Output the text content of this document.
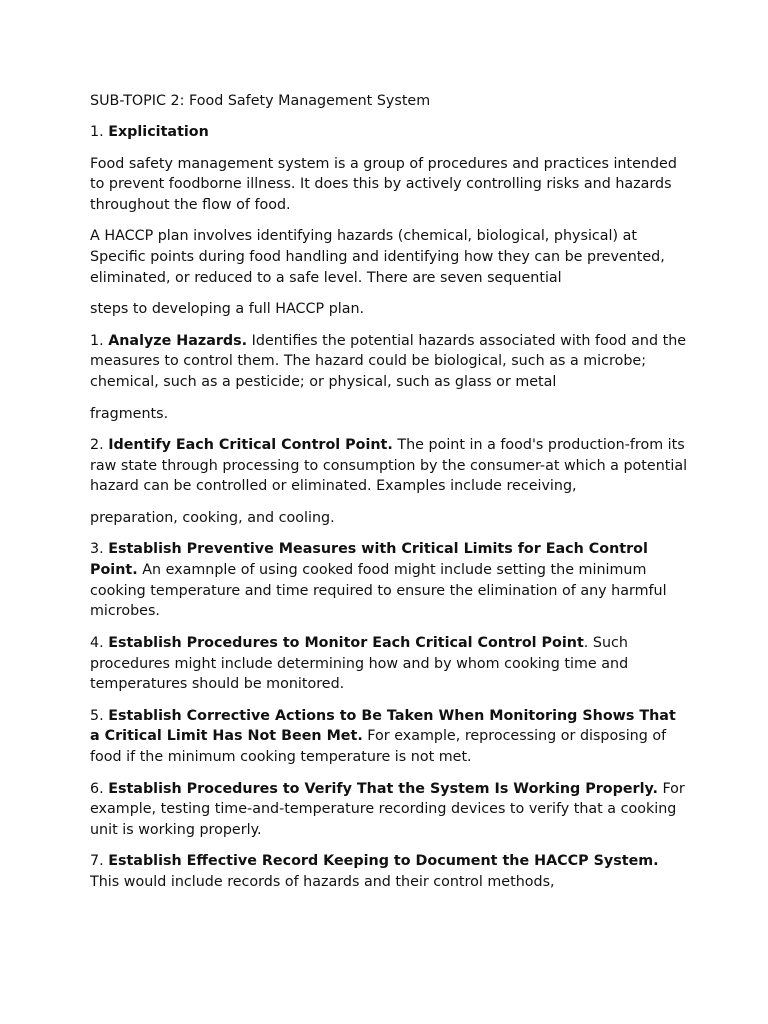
SUB-TOPIC 2: Food Safety Management System

1. Explicitation

Food safety management system is a group of procedures and practices intended to prevent foodborne illness. It does this by actively controlling risks and hazards throughout the flow of food.

A HACCP plan involves identifying hazards (chemical, biological, physical) at Specific points during food handling and identifying how they can be prevented, eliminated, or reduced to a safe level. There are seven sequential

steps to developing a full HACCP plan.

1. Analyze Hazards. Identifies the potential hazards associated with food and the measures to control them. The hazard could be biological, such as a microbe; chemical, such as a pesticide; or physical, such as glass or metal

fragments.

2. Identify Each Critical Control Point. The point in a food's production-from its raw state through processing to consumption by the consumer-at which a potential hazard can be controlled or eliminated. Examples include receiving,

preparation, cooking, and cooling.

3. Establish Preventive Measures with Critical Limits for Each Control Point. An examnple of using cooked food might include setting the minimum cooking temperature and time required to ensure the elimination of any harmful microbes.

4. Establish Procedures to Monitor Each Critical Control Point. Such procedures might include determining how and by whom cooking time and temperatures should be monitored.

5. Establish Corrective Actions to Be Taken When Monitoring Shows That a Critical Limit Has Not Been Met. For example, reprocessing or disposing of food if the minimum cooking temperature is not met.

6. Establish Procedures to Verify That the System Is Working Properly. For example, testing time-and-temperature recording devices to verify that a cooking unit is working properly.

7. Establish Effective Record Keeping to Document the HACCP System. This would include records of hazards and their control methods,
